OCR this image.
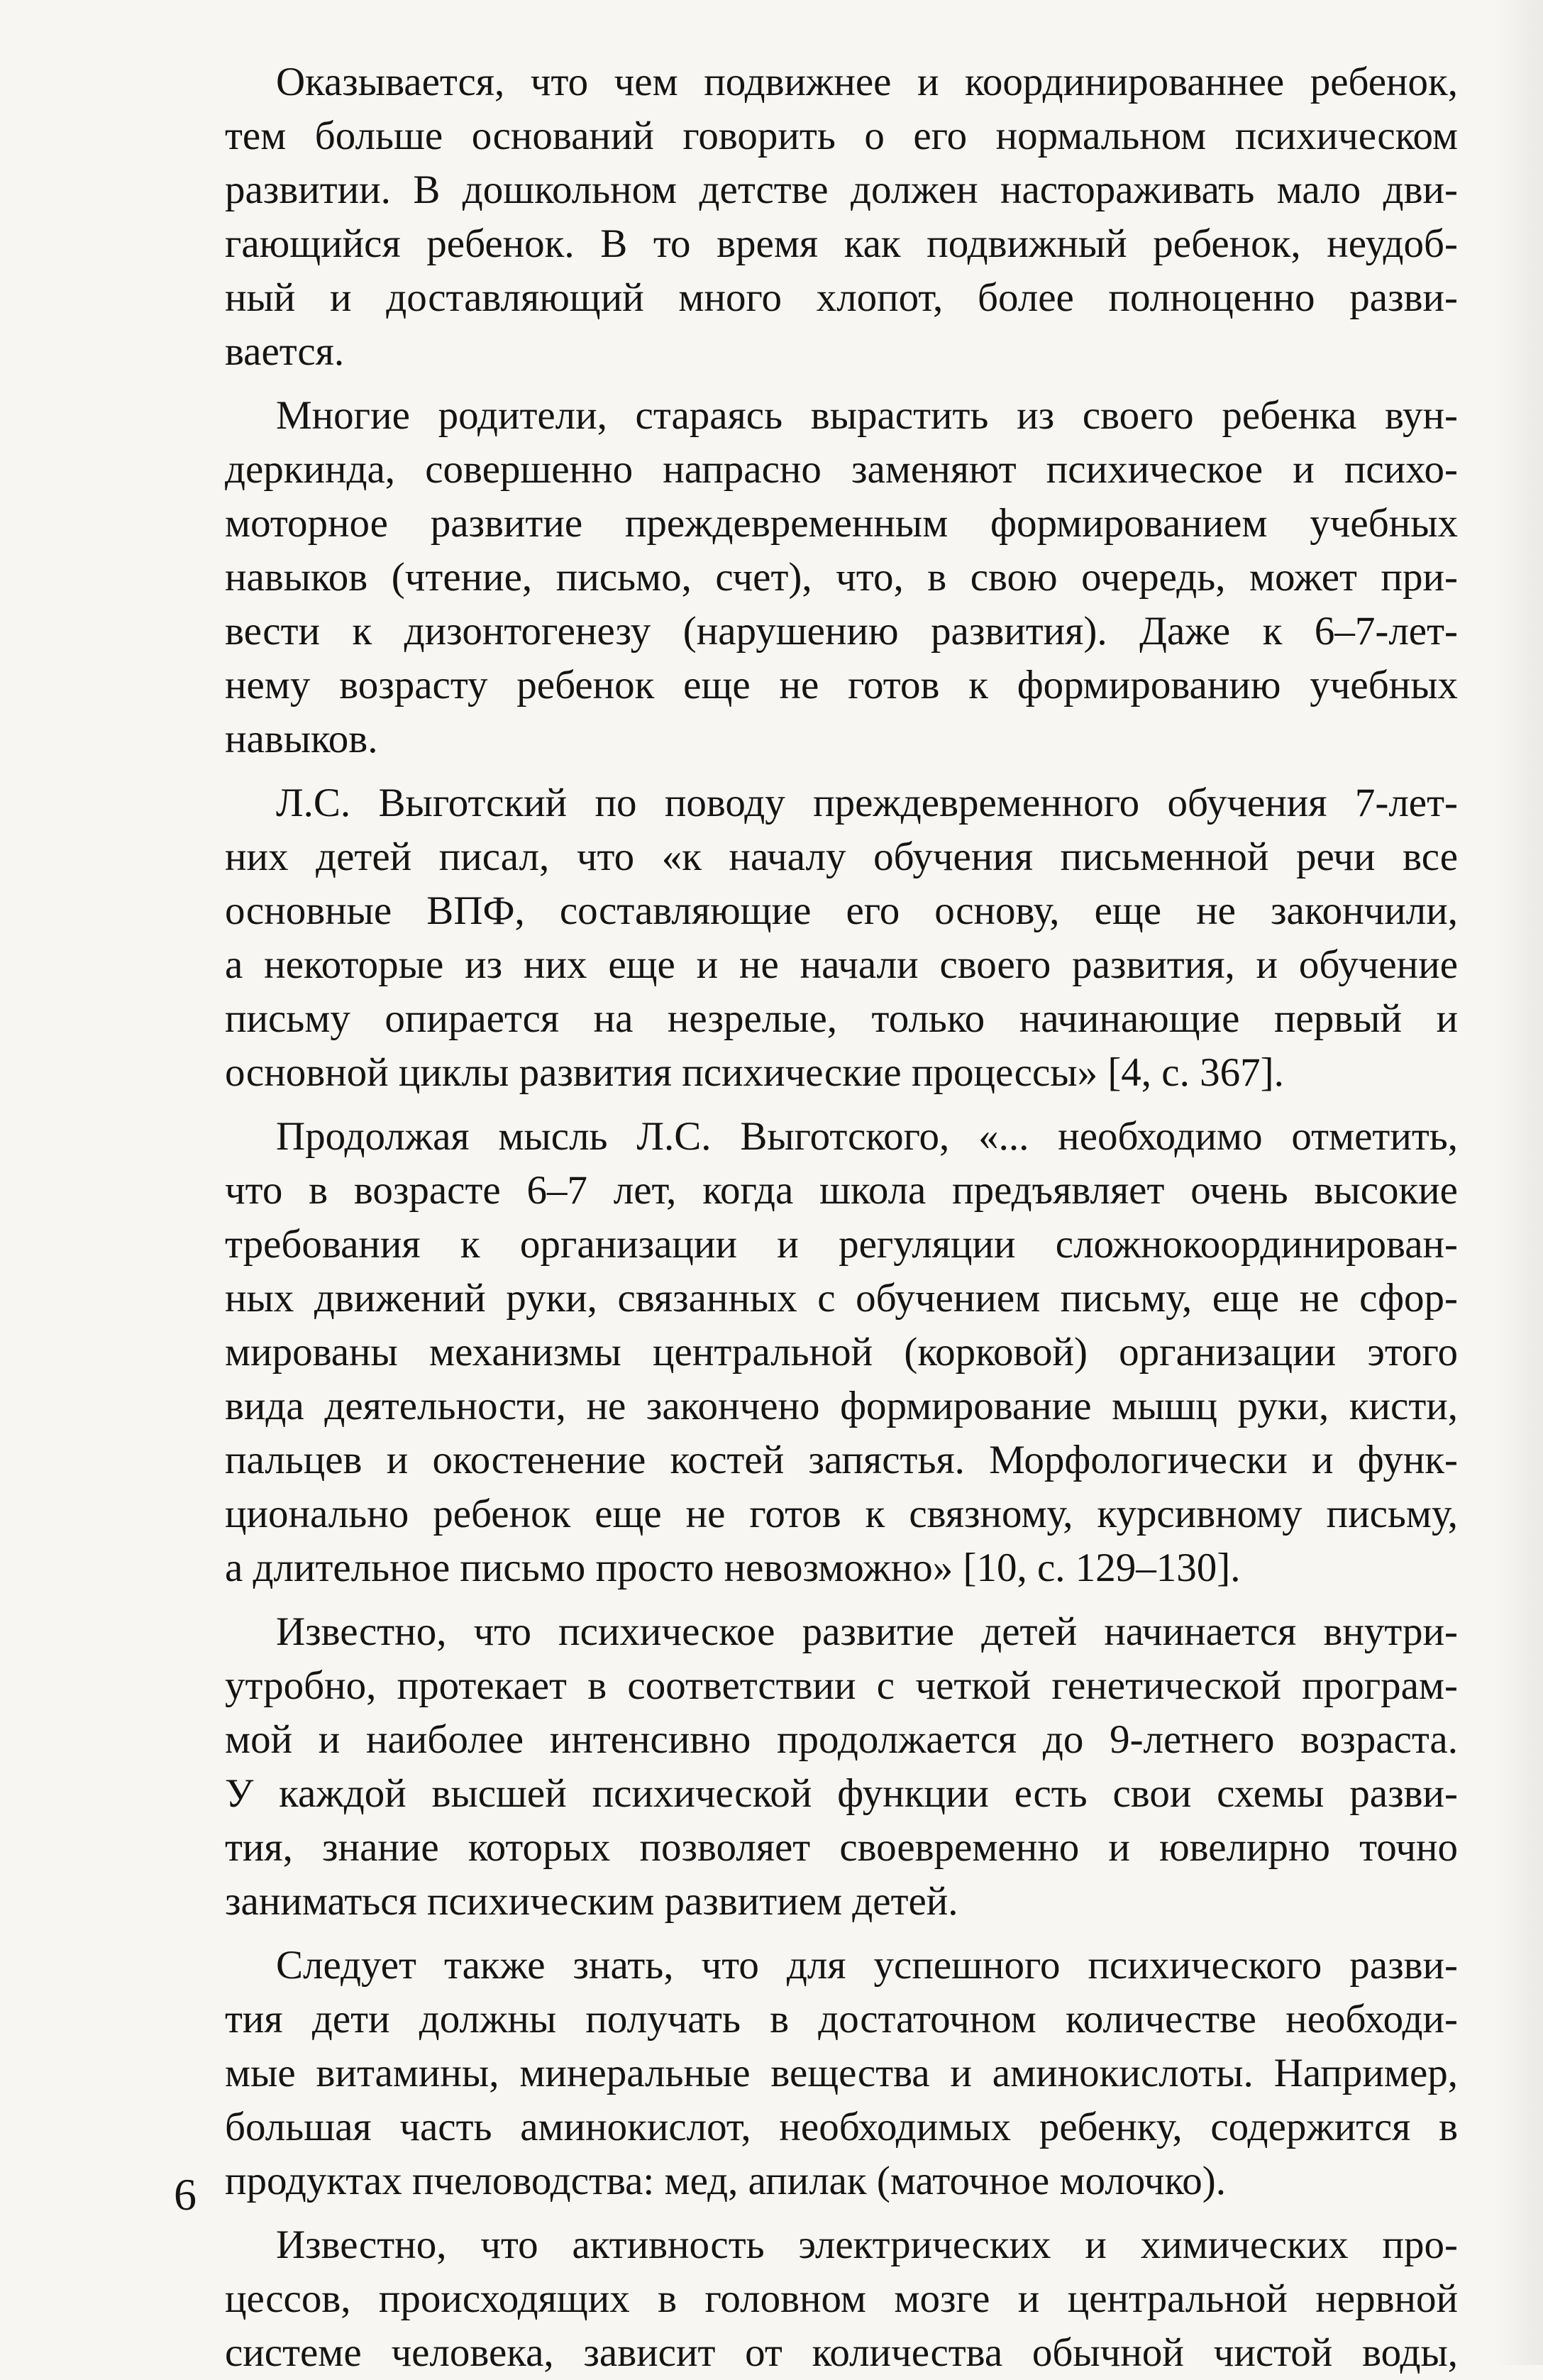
Оказывается, что чем подвижнее и координированнее ребенок,
тем больше оснований говорить о его нормальном психическом
развитии. В дошкольном детстве должен настораживать мало дви-
гающийся ребенок. В то время как подвижный ребенок, неудоб-
ный и доставляющий много хлопот, более полноценно разви-
вается.
Многие родители, стараясь вырастить из своего ребенка вун-
деркинда, совершенно напрасно заменяют психическое и психо-
моторное развитие преждевременным формированием учебных
навыков (чтение, письмо, счет), что, в свою очередь, может при-
вести к дизонтогенезу (нарушению развития). Даже к 6–7-лет-
нему возрасту ребенок еще не готов к формированию учебных
навыков.
Л.С. Выготский по поводу преждевременного обучения 7-лет-
них детей писал, что «к началу обучения письменной речи все
основные ВПФ, составляющие его основу, еще не закончили,
а некоторые из них еще и не начали своего развития, и обучение
письму опирается на незрелые, только начинающие первый и
основной циклы развития психические процессы» [4, с. 367].
Продолжая мысль Л.С. Выготского, «... необходимо отметить,
что в возрасте 6–7 лет, когда школа предъявляет очень высокие
требования к организации и регуляции сложнокоординирован-
ных движений руки, связанных с обучением письму, еще не сфор-
мированы механизмы центральной (корковой) организации этого
вида деятельности, не закончено формирование мышц руки, кисти,
пальцев и окостенение костей запястья. Морфологически и функ-
ционально ребенок еще не готов к связному, курсивному письму,
а длительное письмо просто невозможно» [10, с. 129–130].
Известно, что психическое развитие детей начинается внутри-
утробно, протекает в соответствии с четкой генетической програм-
мой и наиболее интенсивно продолжается до 9-летнего возраста.
У каждой высшей психической функции есть свои схемы разви-
тия, знание которых позволяет своевременно и ювелирно точно
заниматься психическим развитием детей.
Следует также знать, что для успешного психического разви-
тия дети должны получать в достаточном количестве необходи-
мые витамины, минеральные вещества и аминокислоты. Например,
большая часть аминокислот, необходимых ребенку, содержится в
продуктах пчеловодства: мед, апилак (маточное молочко).
Известно, что активность электрических и химических про-
цессов, происходящих в головном мозге и центральной нервной
системе человека, зависит от количества обычной чистой воды,
6
